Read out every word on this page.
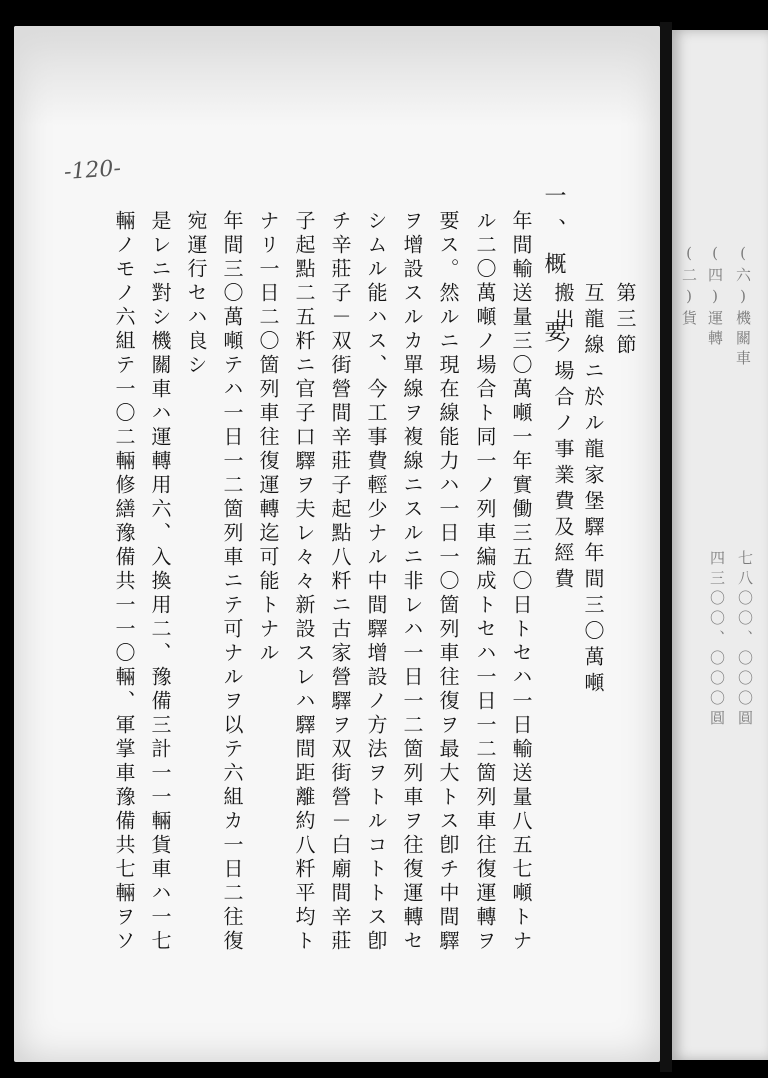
(六)機關車
(四)運轉
(二)貨
七八〇〇、〇〇〇圓
四三〇〇、〇〇〇圓
-120-
第三節
互龍線ニ於ル龍家堡驛年間三〇萬噸
搬出ノ場合ノ事業費及經費
一、概　要
年間輸送量三〇萬噸一年實働三五〇日トセハ一日輸送量八五七噸トナ
ル二〇萬噸ノ場合ト同一ノ列車編成トセハ一日一二箇列車往復運轉ヲ
要ス。然ルニ現在線能力ハ一日一〇箇列車往復ヲ最大トス卽チ中間驛
ヲ增設スルカ單線ヲ複線ニスルニ非レハ一日一二箇列車ヲ往復運轉セ
シムル能ハス、今工事費輕少ナル中間驛增設ノ方法ヲトルコトトス卽
チ辛莊子－双街營間辛莊子起點八粁ニ古家營驛ヲ双街營－白廟間辛莊
子起點二五粁ニ官子口驛ヲ夫レ々々新設スレハ驛間距離約八粁平均ト
ナリ一日二〇箇列車往復運轉迄可能トナル
年間三〇萬噸テハ一日一二箇列車ニテ可ナルヲ以テ六組カ一日二往復
宛運行セハ良シ
是レニ對シ機關車ハ運轉用六、入換用二、豫備三計一一輛貨車ハ一七
輛ノモノ六組テ一〇二輛修繕豫備共一一〇輛、軍掌車豫備共七輛ヲソ
